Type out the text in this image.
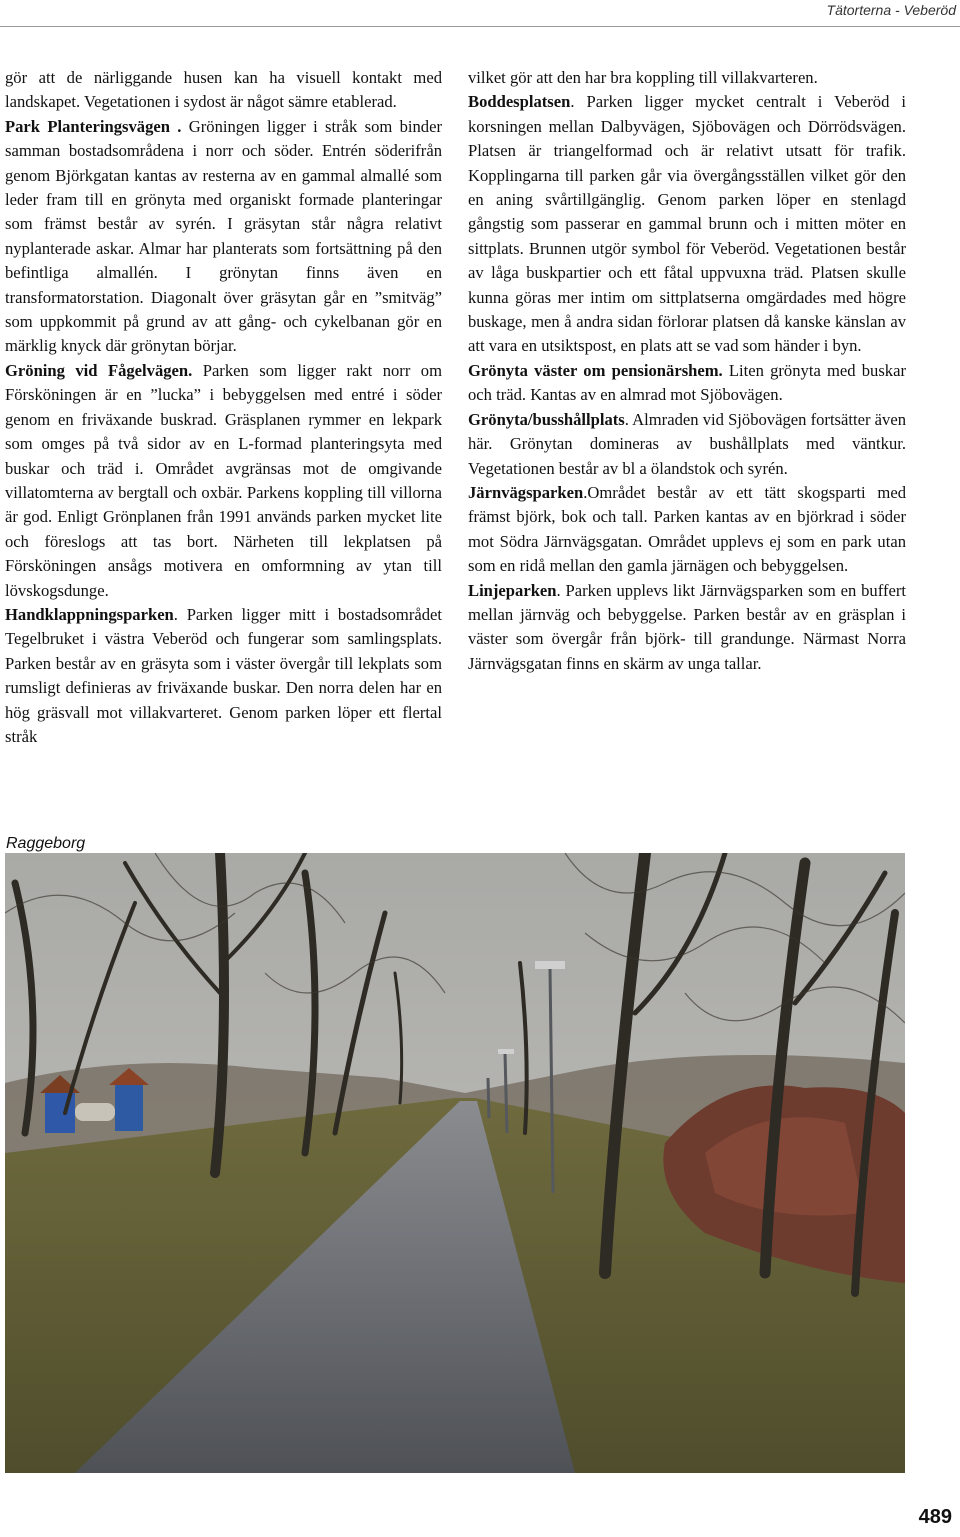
Tätorterna - Veberöd

gör att de närliggande husen kan ha visuell kontakt med landskapet. Vegetationen i sydost är något sämre etablerad.

Park Planteringsvägen . Gröningen ligger i stråk som binder samman bostadsområdena i norr och söder. Entrén söderifrån genom Björkgatan kantas av resterna av en gammal almallé som leder fram till en grönyta med organiskt formade planteringar som främst består av syrén. I gräsytan står några relativt nyplanterade askar. Almar har planterats som fortsättning på den befintliga almallén. I grönytan finns även en transformatorstation. Diagonalt över gräsytan går en ”smitväg” som uppkommit på grund av att gång- och cykelbanan gör en märklig knyck där grönytan börjar.

Gröning vid Fågelvägen. Parken som ligger rakt norr om Försköningen är en ”lucka” i bebyggelsen med entré i söder genom en friväxande buskrad. Gräsplanen rymmer en lekpark som omges på två sidor av en L-formad planteringsyta med buskar och träd i. Området avgränsas mot de omgivande villatomterna av bergtall och oxbär. Parkens koppling till villorna är god. Enligt Grönplanen från 1991 används parken mycket lite och föreslogs att tas bort. Närheten till lekplatsen på Försköningen ansågs motivera en omformning av ytan till lövskogsdunge.

Handklappningsparken. Parken ligger mitt i bostadsområdet Tegelbruket i västra Veberöd och fungerar som samlingsplats. Parken består av en gräsyta som i väster övergår till lekplats som rumsligt definieras av friväxande buskar. Den norra delen har en hög gräsvall mot villakvarteret. Genom parken löper ett flertal stråk

vilket gör att den har bra koppling till villakvarteren.

Boddesplatsen. Parken ligger mycket centralt i Veberöd i korsningen mellan Dalbyvägen, Sjöbovägen och Dörrödsvägen. Platsen är triangelformad och är relativt utsatt för trafik. Kopplingarna till parken går via övergångsställen vilket gör den en aning svårtillgänglig. Genom parken löper en stenlagd gångstig som passerar en gammal brunn och i mitten möter en sittplats. Brunnen utgör symbol för Veberöd. Vegetationen består av låga buskpartier och ett fåtal uppvuxna träd. Platsen skulle kunna göras mer intim om sittplatserna omgärdades med högre buskage, men å andra sidan förlorar platsen då kanske känslan av att vara en utsiktspost, en plats att se vad som händer i byn.

Grönyta väster om pensionärshem. Liten grönyta med buskar och träd. Kantas av en almrad mot Sjöbovägen.

Grönyta/busshållplats. Almraden vid Sjöbovägen fortsätter även här. Grönytan domineras av bushållplats med väntkur. Vegetationen består av bl a ölandstok och syrén.

Järnvägsparken.Området består av ett tätt skogsparti med främst björk, bok och tall. Parken kantas av en björkrad i söder mot Södra Järnvägsgatan. Området upplevs ej som en park utan som en ridå mellan den gamla järnägen och bebyggelsen.

Linjeparken. Parken upplevs likt Järnvägsparken som en buffert mellan järnväg och bebyggelse. Parken består av en gräsplan i väster som övergår från björk- till grandunge. Närmast Norra Järnvägsgatan finns en skärm av unga tallar.

Raggeborg
489
